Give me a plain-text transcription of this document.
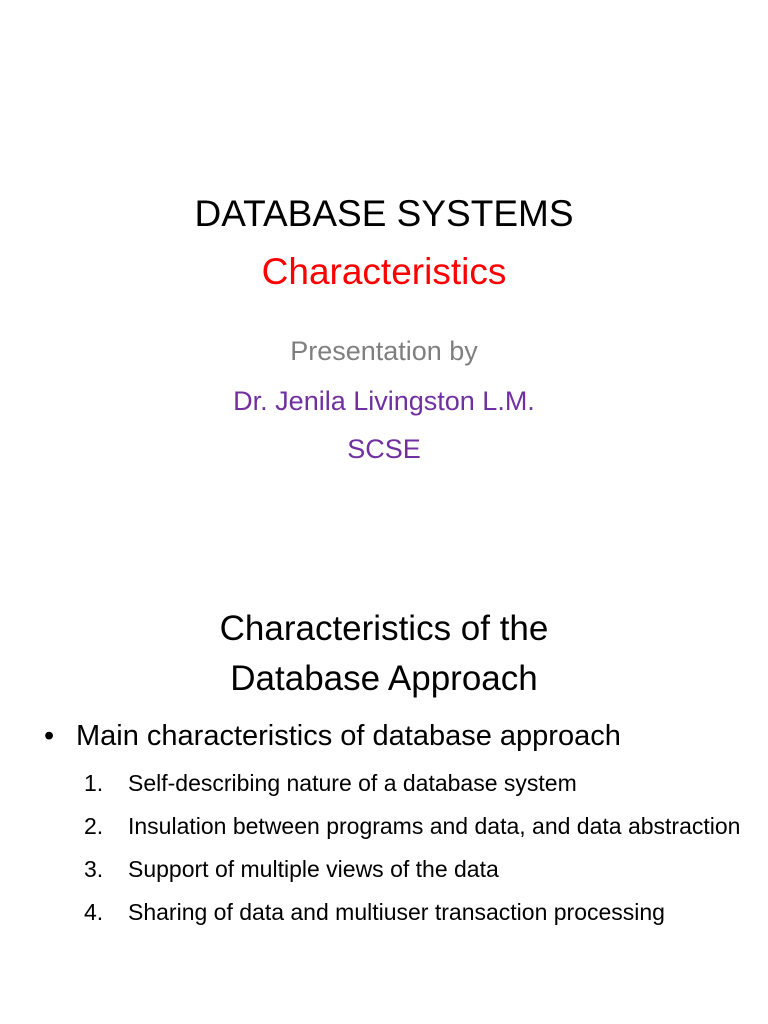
DATABASE SYSTEMS
Characteristics
Presentation by
Dr. Jenila Livingston L.M.
SCSE
Characteristics of the
Database Approach
• Main characteristics of database approach
1. Self-describing nature of a database system
2. Insulation between programs and data, and data abstraction
3. Support of multiple views of the data
4. Sharing of data and multiuser transaction processing
